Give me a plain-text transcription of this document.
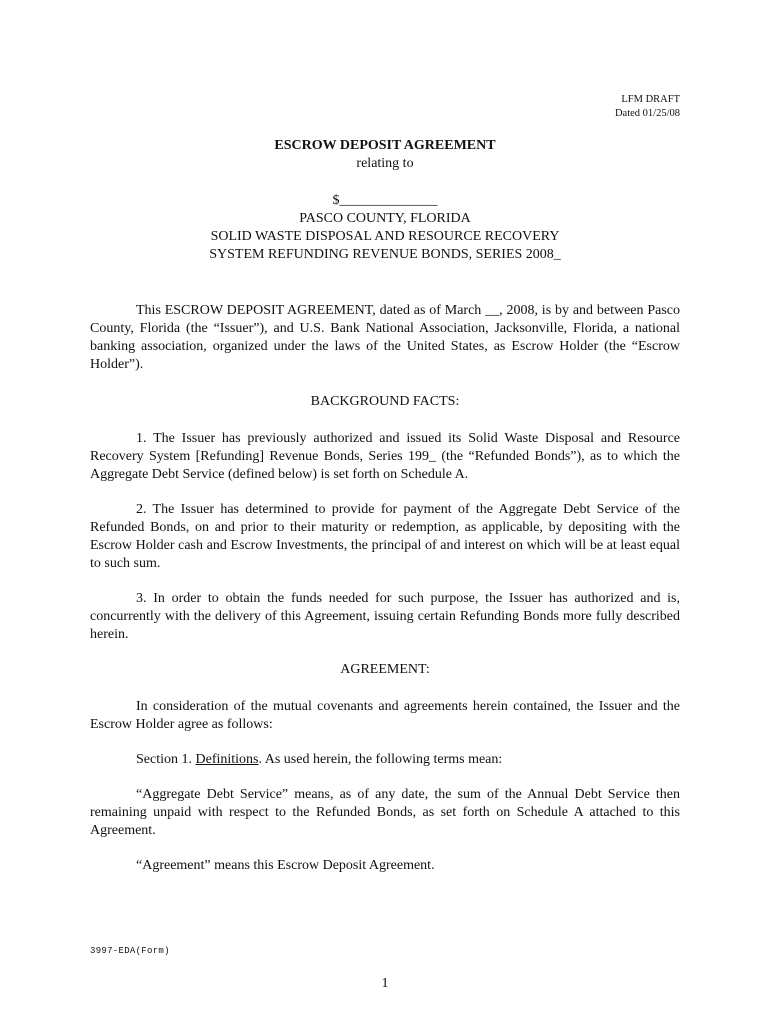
LFM DRAFT
Dated 01/25/08
ESCROW DEPOSIT AGREEMENT
relating to
$______________
PASCO COUNTY, FLORIDA
SOLID WASTE DISPOSAL AND RESOURCE RECOVERY
SYSTEM REFUNDING REVENUE BONDS, SERIES 2008_

This ESCROW DEPOSIT AGREEMENT, dated as of March __, 2008, is by and between Pasco County, Florida (the “Issuer”), and U.S. Bank National Association, Jacksonville, Florida, a national banking association, organized under the laws of the United States, as Escrow Holder (the “Escrow Holder”).

BACKGROUND FACTS:

1. The Issuer has previously authorized and issued its Solid Waste Disposal and Resource Recovery System [Refunding] Revenue Bonds, Series 199_ (the “Refunded Bonds”), as to which the Aggregate Debt Service (defined below) is set forth on Schedule A.

2. The Issuer has determined to provide for payment of the Aggregate Debt Service of the Refunded Bonds, on and prior to their maturity or redemption, as applicable, by depositing with the Escrow Holder cash and Escrow Investments, the principal of and interest on which will be at least equal to such sum.

3. In order to obtain the funds needed for such purpose, the Issuer has authorized and is, concurrently with the delivery of this Agreement, issuing certain Refunding Bonds more fully described herein.

AGREEMENT:

In consideration of the mutual covenants and agreements herein contained, the Issuer and the Escrow Holder agree as follows:

Section 1. Definitions. As used herein, the following terms mean:

“Aggregate Debt Service” means, as of any date, the sum of the Annual Debt Service then remaining unpaid with respect to the Refunded Bonds, as set forth on Schedule A attached to this Agreement.

“Agreement” means this Escrow Deposit Agreement.

3997-EDA(Form)
1
